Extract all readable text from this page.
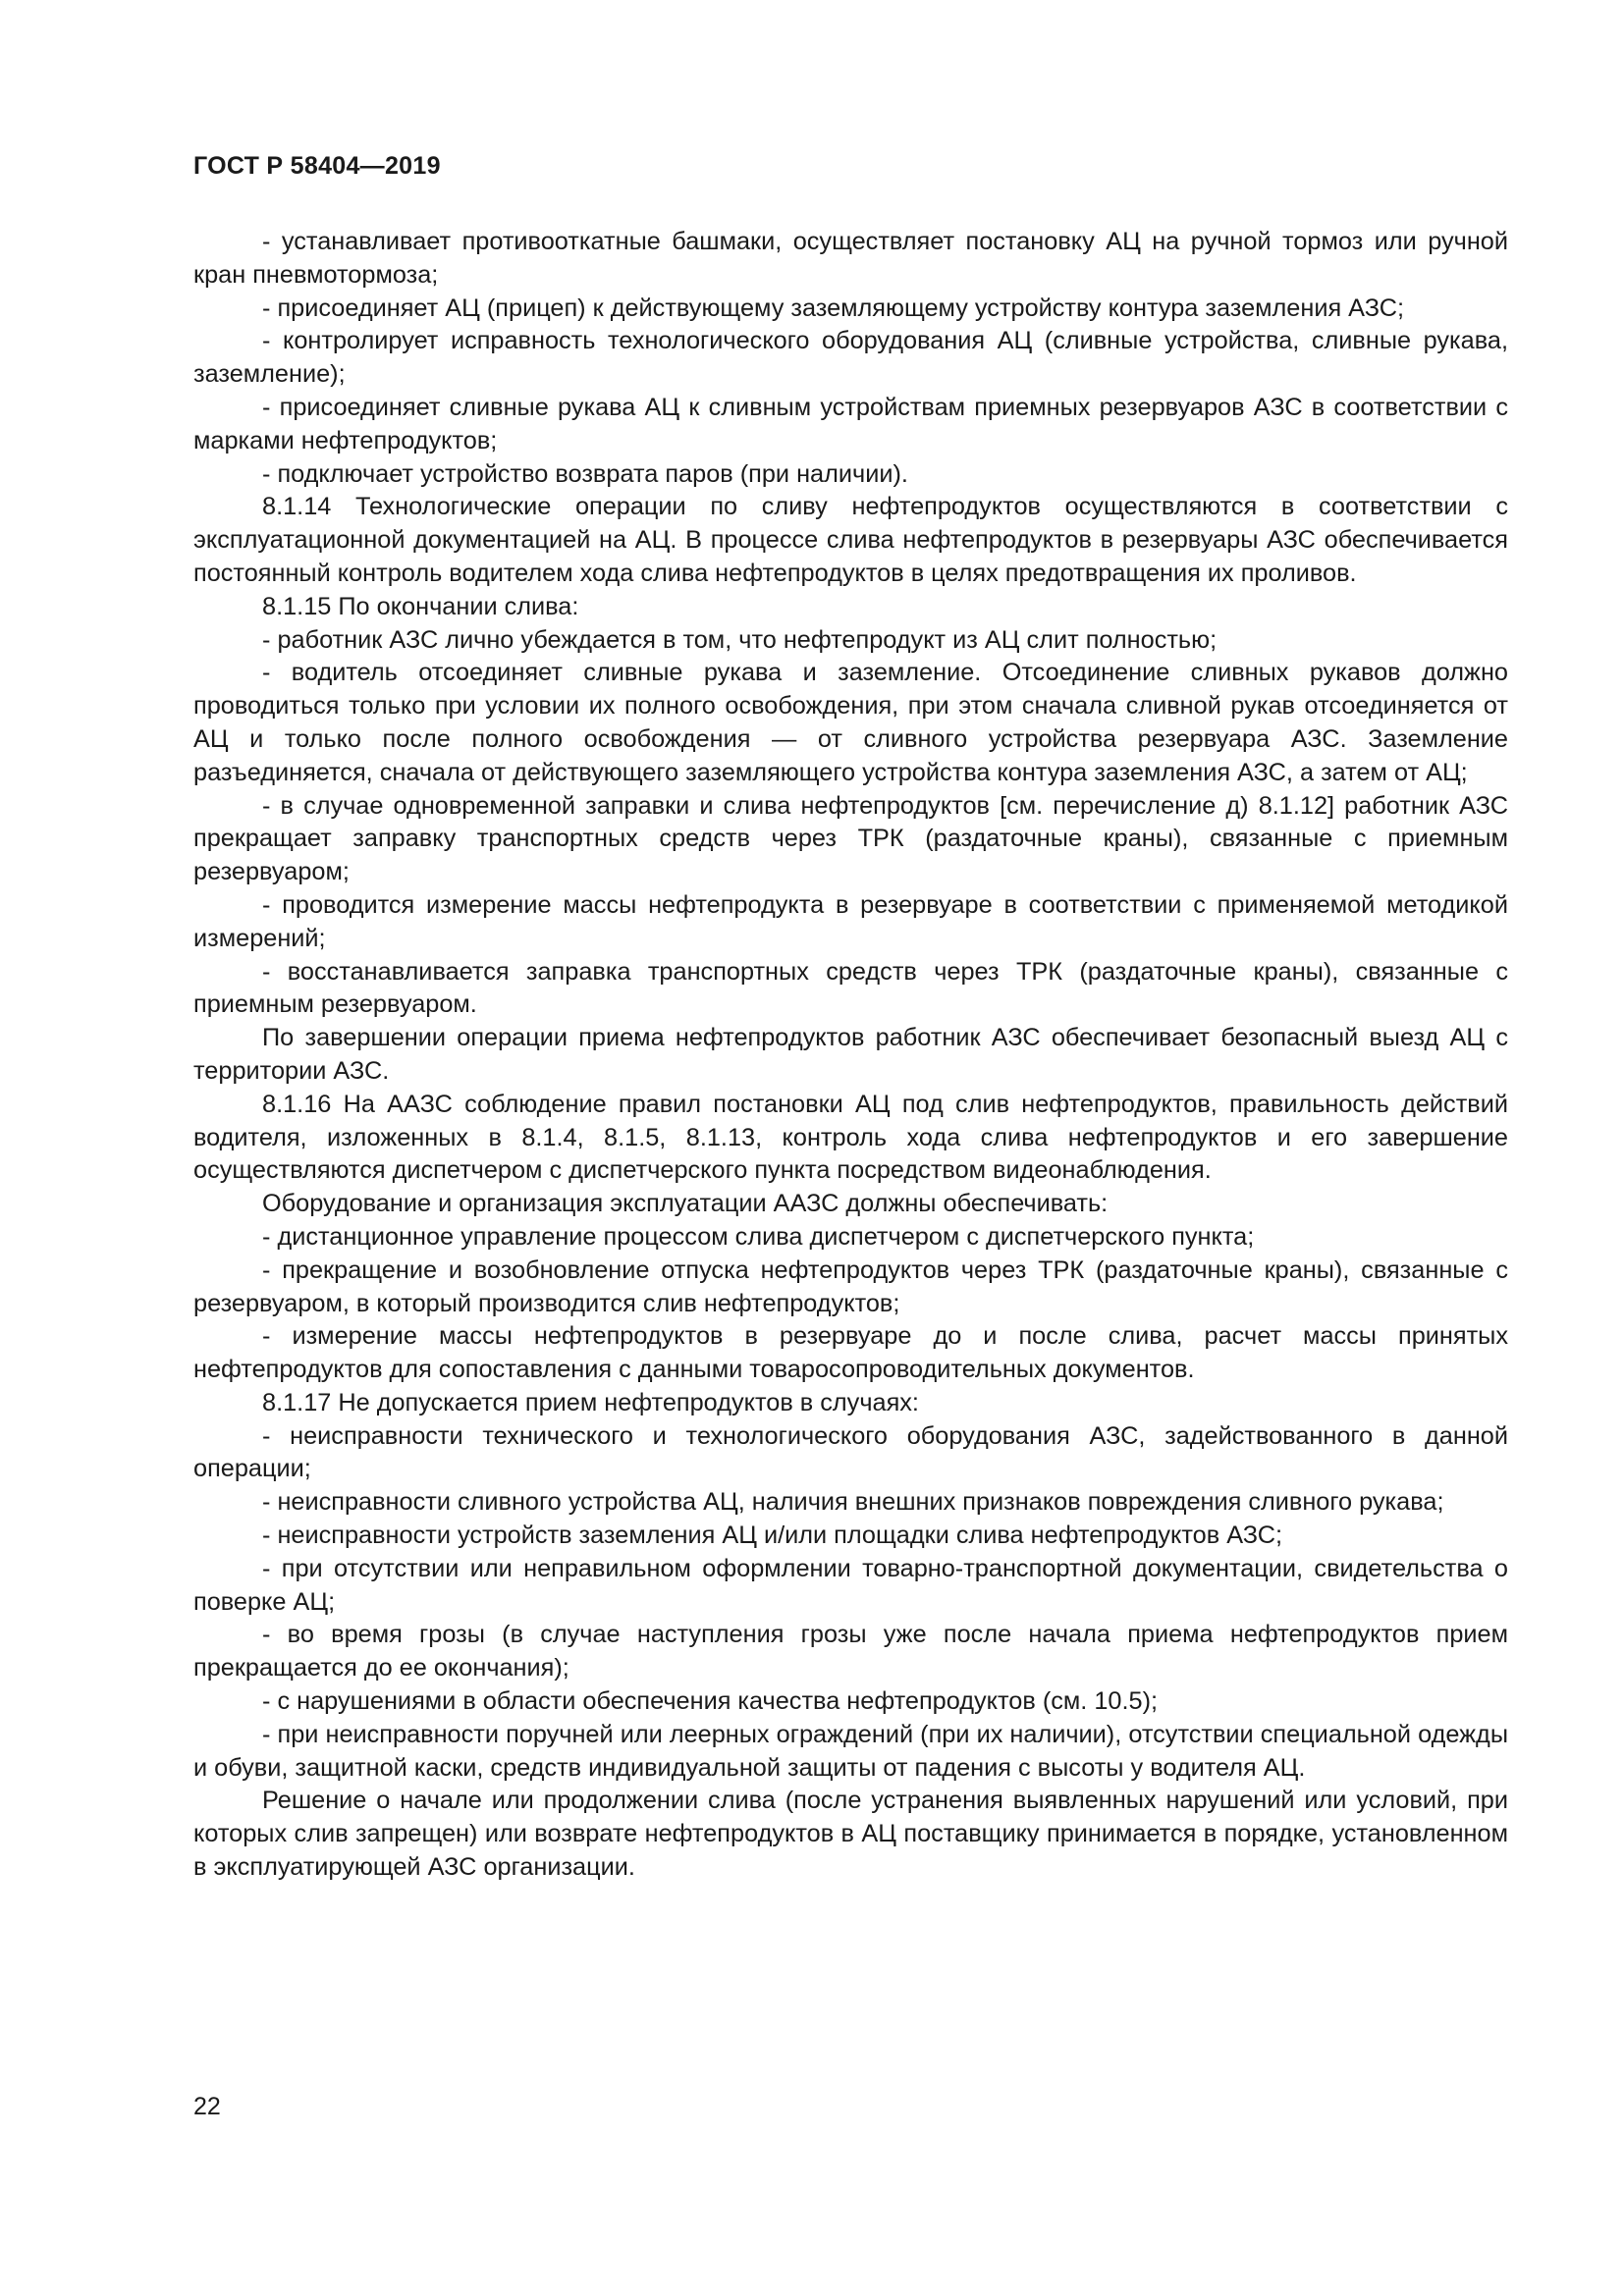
ГОСТ Р 58404—2019

- устанавливает противооткатные башмаки, осуществляет постановку АЦ на ручной тормоз или ручной кран пневмотормоза;

- присоединяет АЦ (прицеп) к действующему заземляющему устройству контура заземления АЗС;

- контролирует исправность технологического оборудования АЦ (сливные устройства, сливные рукава, заземление);

- присоединяет сливные рукава АЦ к сливным устройствам приемных резервуаров АЗС в соответствии с марками нефтепродуктов;

- подключает устройство возврата паров (при наличии).

8.1.14 Технологические операции по сливу нефтепродуктов осуществляются в соответствии с эксплуатационной документацией на АЦ. В процессе слива нефтепродуктов в резервуары АЗС обеспечивается постоянный контроль водителем хода слива нефтепродуктов в целях предотвращения их проливов.

8.1.15 По окончании слива:

- работник АЗС лично убеждается в том, что нефтепродукт из АЦ слит полностью;

- водитель отсоединяет сливные рукава и заземление. Отсоединение сливных рукавов должно проводиться только при условии их полного освобождения, при этом сначала сливной рукав отсоединяется от АЦ и только после полного освобождения — от сливного устройства резервуара АЗС. Заземление разъединяется, сначала от действующего заземляющего устройства контура заземления АЗС, а затем от АЦ;

- в случае одновременной заправки и слива нефтепродуктов [см. перечисление д) 8.1.12] работник АЗС прекращает заправку транспортных средств через ТРК (раздаточные краны), связанные с приемным резервуаром;

- проводится измерение массы нефтепродукта в резервуаре в соответствии с применяемой методикой измерений;

- восстанавливается заправка транспортных средств через ТРК (раздаточные краны), связанные с приемным резервуаром.

По завершении операции приема нефтепродуктов работник АЗС обеспечивает безопасный выезд АЦ с территории АЗС.

8.1.16 На ААЗС соблюдение правил постановки АЦ под слив нефтепродуктов, правильность действий водителя, изложенных в 8.1.4, 8.1.5, 8.1.13, контроль хода слива нефтепродуктов и его завершение осуществляются диспетчером с диспетчерского пункта посредством видеонаблюдения.

Оборудование и организация эксплуатации ААЗС должны обеспечивать:

- дистанционное управление процессом слива диспетчером с диспетчерского пункта;

- прекращение и возобновление отпуска нефтепродуктов через ТРК (раздаточные краны), связанные с резервуаром, в который производится слив нефтепродуктов;

- измерение массы нефтепродуктов в резервуаре до и после слива, расчет массы принятых нефтепродуктов для сопоставления с данными товаросопроводительных документов.

8.1.17 Не допускается прием нефтепродуктов в случаях:

- неисправности технического и технологического оборудования АЗС, задействованного в данной операции;

- неисправности сливного устройства АЦ, наличия внешних признаков повреждения сливного рукава;

- неисправности устройств заземления АЦ и/или площадки слива нефтепродуктов АЗС;

- при отсутствии или неправильном оформлении товарно-транспортной документации, свидетельства о поверке АЦ;

- во время грозы (в случае наступления грозы уже после начала приема нефтепродуктов прием прекращается до ее окончания);

- с нарушениями в области обеспечения качества нефтепродуктов (см. 10.5);

- при неисправности поручней или леерных ограждений (при их наличии), отсутствии специальной одежды и обуви, защитной каски, средств индивидуальной защиты от падения с высоты у водителя АЦ.

Решение о начале или продолжении слива (после устранения выявленных нарушений или условий, при которых слив запрещен) или возврате нефтепродуктов в АЦ поставщику принимается в порядке, установленном в эксплуатирующей АЗС организации.

22
